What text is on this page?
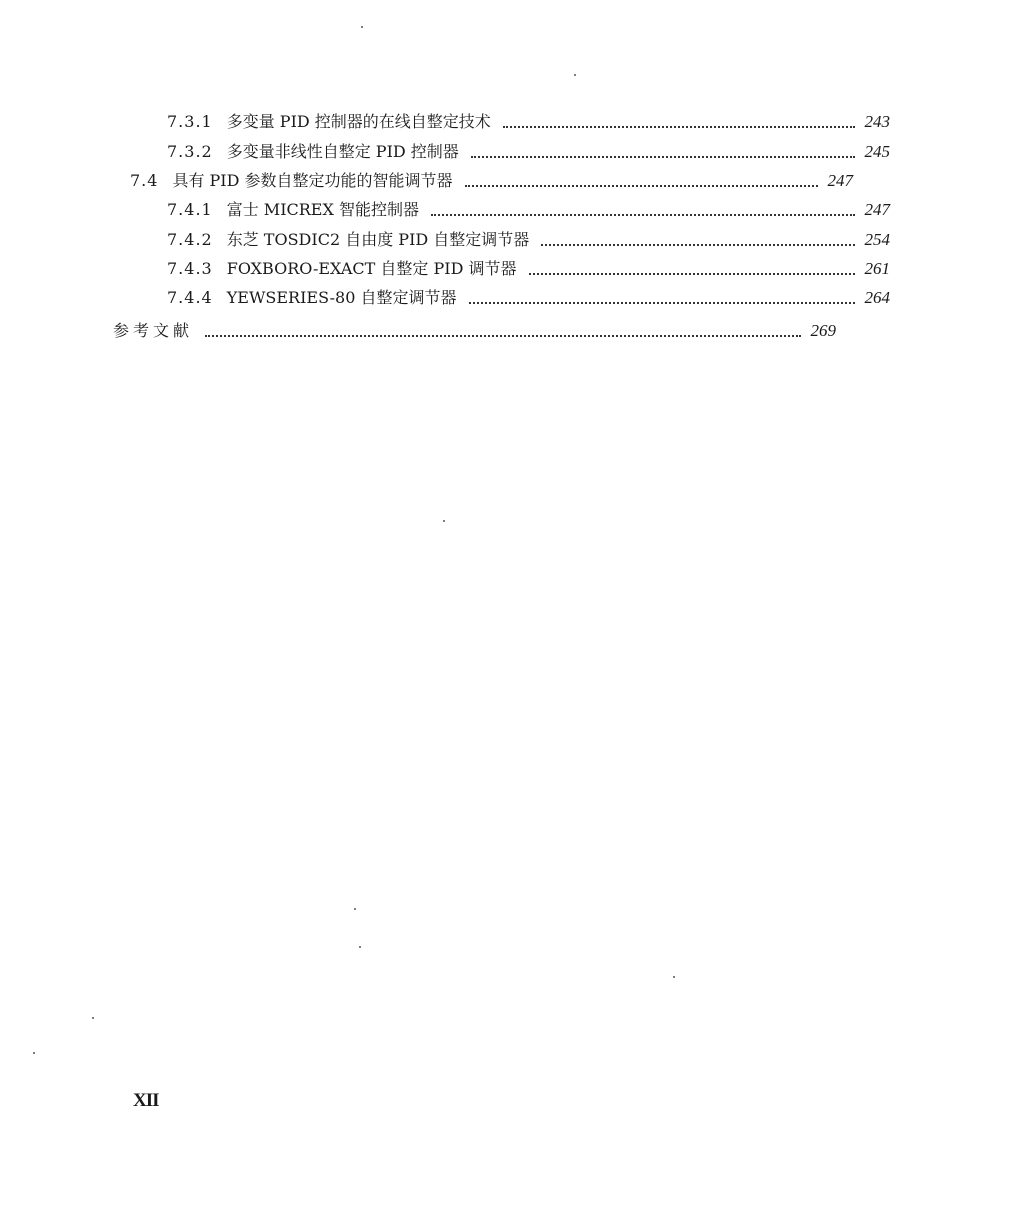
7.3.1 多变量 PID 控制器的在线自整定技术	243
7.3.2 多变量非线性自整定 PID 控制器	245
7.4 具有 PID 参数自整定功能的智能调节器	247
7.4.1 富士 MICREX 智能控制器	247
7.4.2 东芝 TOSDIC2 自由度 PID 自整定调节器	254
7.4.3 FOXBORO-EXACT 自整定 PID 调节器	261
7.4.4 YEWSERIES-80 自整定调节器	264
参考文献	269
XII
